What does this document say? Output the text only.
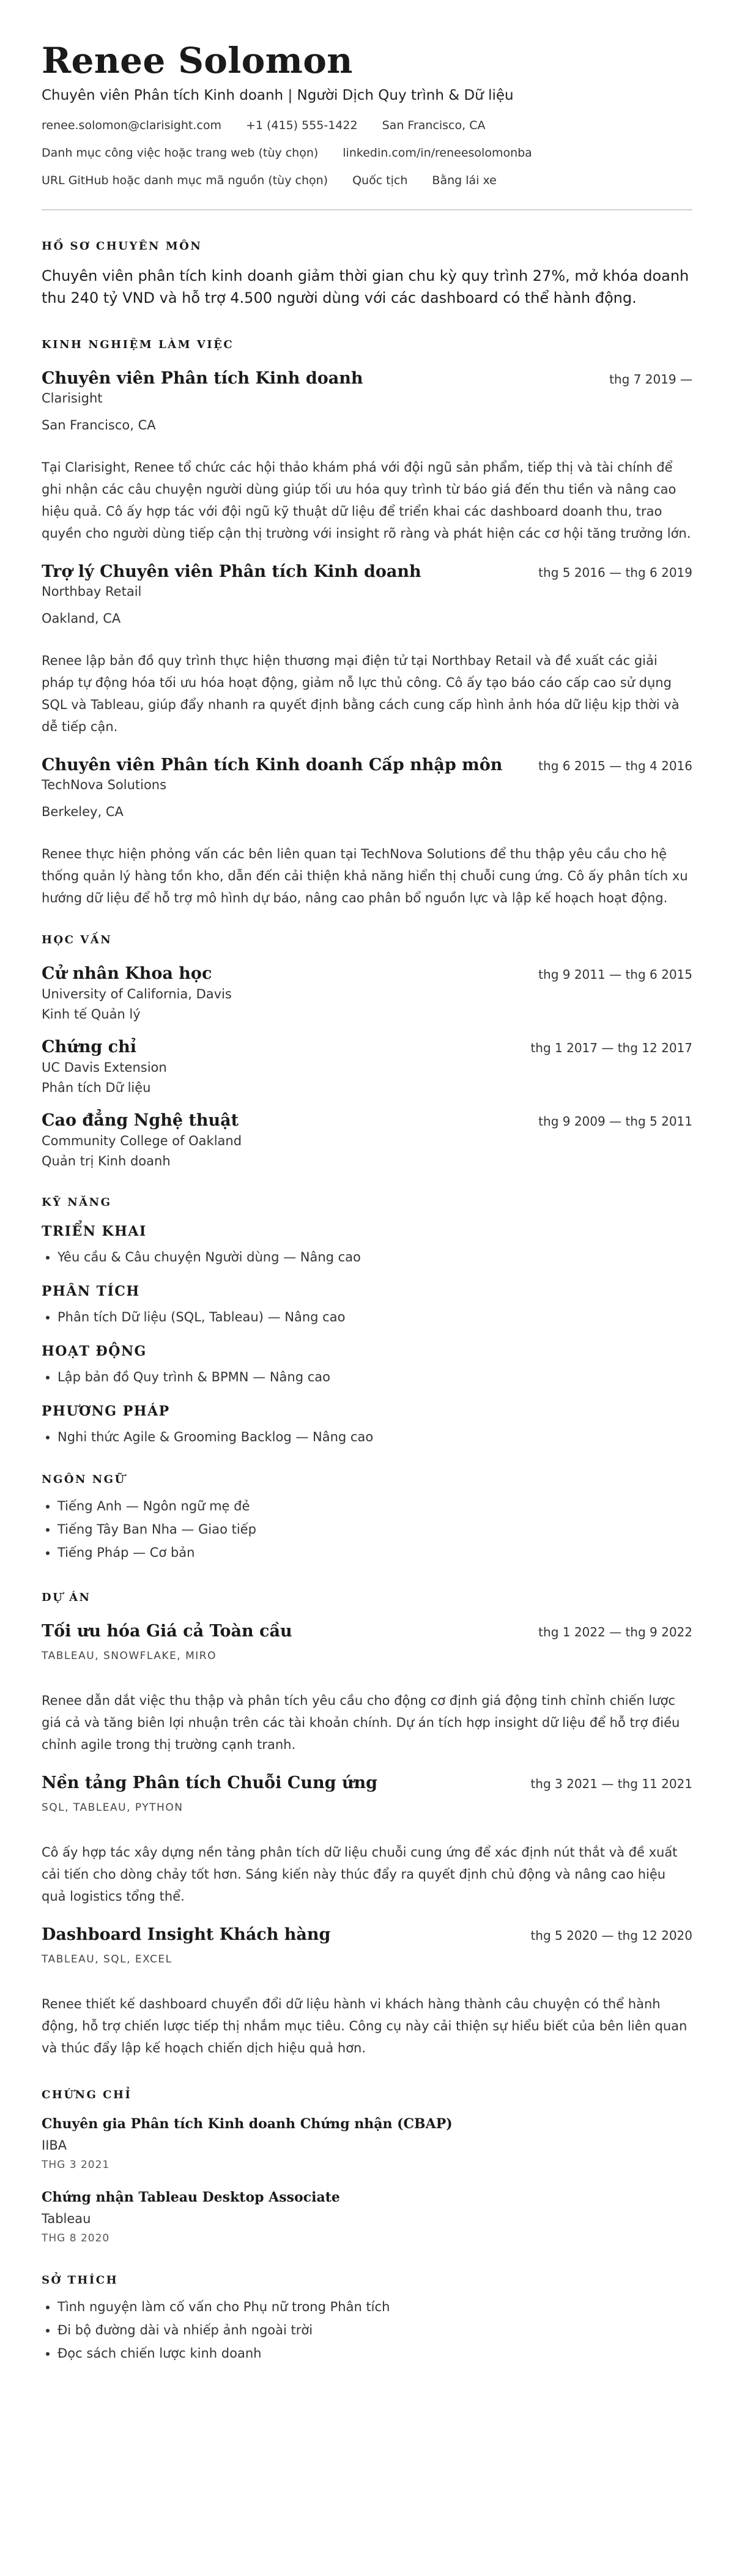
Renee Solomon
Chuyên viên Phân tích Kinh doanh | Người Dịch Quy trình & Dữ liệu
renee.solomon@clarisight.com +1 (415) 555-1422 San Francisco, CA
Danh mục công việc hoặc trang web (tùy chọn) linkedin.com/in/reneesolomonba
URL GitHub hoặc danh mục mã nguồn (tùy chọn) Quốc tịch Bằng lái xe
HỒ SƠ CHUYÊN MÔN
Chuyên viên phân tích kinh doanh giảm thời gian chu kỳ quy trình 27%, mở khóa doanh thu 240 tỷ VND và hỗ trợ 4.500 người dùng với các dashboard có thể hành động.
KINH NGHIỆM LÀM VIỆC
Chuyên viên Phân tích Kinh doanh	thg 7 2019 —
Clarisight
San Francisco, CA
Tại Clarisight, Renee tổ chức các hội thảo khám phá với đội ngũ sản phẩm, tiếp thị và tài chính để ghi nhận các câu chuyện người dùng giúp tối ưu hóa quy trình từ báo giá đến thu tiền và nâng cao hiệu quả. Cô ấy hợp tác với đội ngũ kỹ thuật dữ liệu để triển khai các dashboard doanh thu, trao quyền cho người dùng tiếp cận thị trường với insight rõ ràng và phát hiện các cơ hội tăng trưởng lớn.
Trợ lý Chuyên viên Phân tích Kinh doanh	thg 5 2016 — thg 6 2019
Northbay Retail
Oakland, CA
Renee lập bản đồ quy trình thực hiện thương mại điện tử tại Northbay Retail và đề xuất các giải pháp tự động hóa tối ưu hóa hoạt động, giảm nỗ lực thủ công. Cô ấy tạo báo cáo cấp cao sử dụng SQL và Tableau, giúp đẩy nhanh ra quyết định bằng cách cung cấp hình ảnh hóa dữ liệu kịp thời và dễ tiếp cận.
Chuyên viên Phân tích Kinh doanh Cấp nhập môn	thg 6 2015 — thg 4 2016
TechNova Solutions
Berkeley, CA
Renee thực hiện phỏng vấn các bên liên quan tại TechNova Solutions để thu thập yêu cầu cho hệ thống quản lý hàng tồn kho, dẫn đến cải thiện khả năng hiển thị chuỗi cung ứng. Cô ấy phân tích xu hướng dữ liệu để hỗ trợ mô hình dự báo, nâng cao phân bổ nguồn lực và lập kế hoạch hoạt động.
HỌC VẤN
Cử nhân Khoa học	thg 9 2011 — thg 6 2015
University of California, Davis
Kinh tế Quản lý
Chứng chỉ	thg 1 2017 — thg 12 2017
UC Davis Extension
Phân tích Dữ liệu
Cao đẳng Nghệ thuật	thg 9 2009 — thg 5 2011
Community College of Oakland
Quản trị Kinh doanh
KỸ NĂNG
TRIỂN KHAI
• Yêu cầu & Câu chuyện Người dùng — Nâng cao
PHÂN TÍCH
• Phân tích Dữ liệu (SQL, Tableau) — Nâng cao
HOẠT ĐỘNG
• Lập bản đồ Quy trình & BPMN — Nâng cao
PHƯƠNG PHÁP
• Nghi thức Agile & Grooming Backlog — Nâng cao
NGÔN NGỮ
• Tiếng Anh — Ngôn ngữ mẹ đẻ
• Tiếng Tây Ban Nha — Giao tiếp
• Tiếng Pháp — Cơ bản
DỰ ÁN
Tối ưu hóa Giá cả Toàn cầu	thg 1 2022 — thg 9 2022
TABLEAU, SNOWFLAKE, MIRO
Renee dẫn dắt việc thu thập và phân tích yêu cầu cho động cơ định giá động tinh chỉnh chiến lược giá cả và tăng biên lợi nhuận trên các tài khoản chính. Dự án tích hợp insight dữ liệu để hỗ trợ điều chỉnh agile trong thị trường cạnh tranh.
Nền tảng Phân tích Chuỗi Cung ứng	thg 3 2021 — thg 11 2021
SQL, TABLEAU, PYTHON
Cô ấy hợp tác xây dựng nền tảng phân tích dữ liệu chuỗi cung ứng để xác định nút thắt và đề xuất cải tiến cho dòng chảy tốt hơn. Sáng kiến này thúc đẩy ra quyết định chủ động và nâng cao hiệu quả logistics tổng thể.
Dashboard Insight Khách hàng	thg 5 2020 — thg 12 2020
TABLEAU, SQL, EXCEL
Renee thiết kế dashboard chuyển đổi dữ liệu hành vi khách hàng thành câu chuyện có thể hành động, hỗ trợ chiến lược tiếp thị nhắm mục tiêu. Công cụ này cải thiện sự hiểu biết của bên liên quan và thúc đẩy lập kế hoạch chiến dịch hiệu quả hơn.
CHỨNG CHỈ
Chuyên gia Phân tích Kinh doanh Chứng nhận (CBAP)
IIBA
THG 3 2021
Chứng nhận Tableau Desktop Associate
Tableau
THG 8 2020
SỞ THÍCH
• Tình nguyện làm cố vấn cho Phụ nữ trong Phân tích
• Đi bộ đường dài và nhiếp ảnh ngoài trời
• Đọc sách chiến lược kinh doanh
